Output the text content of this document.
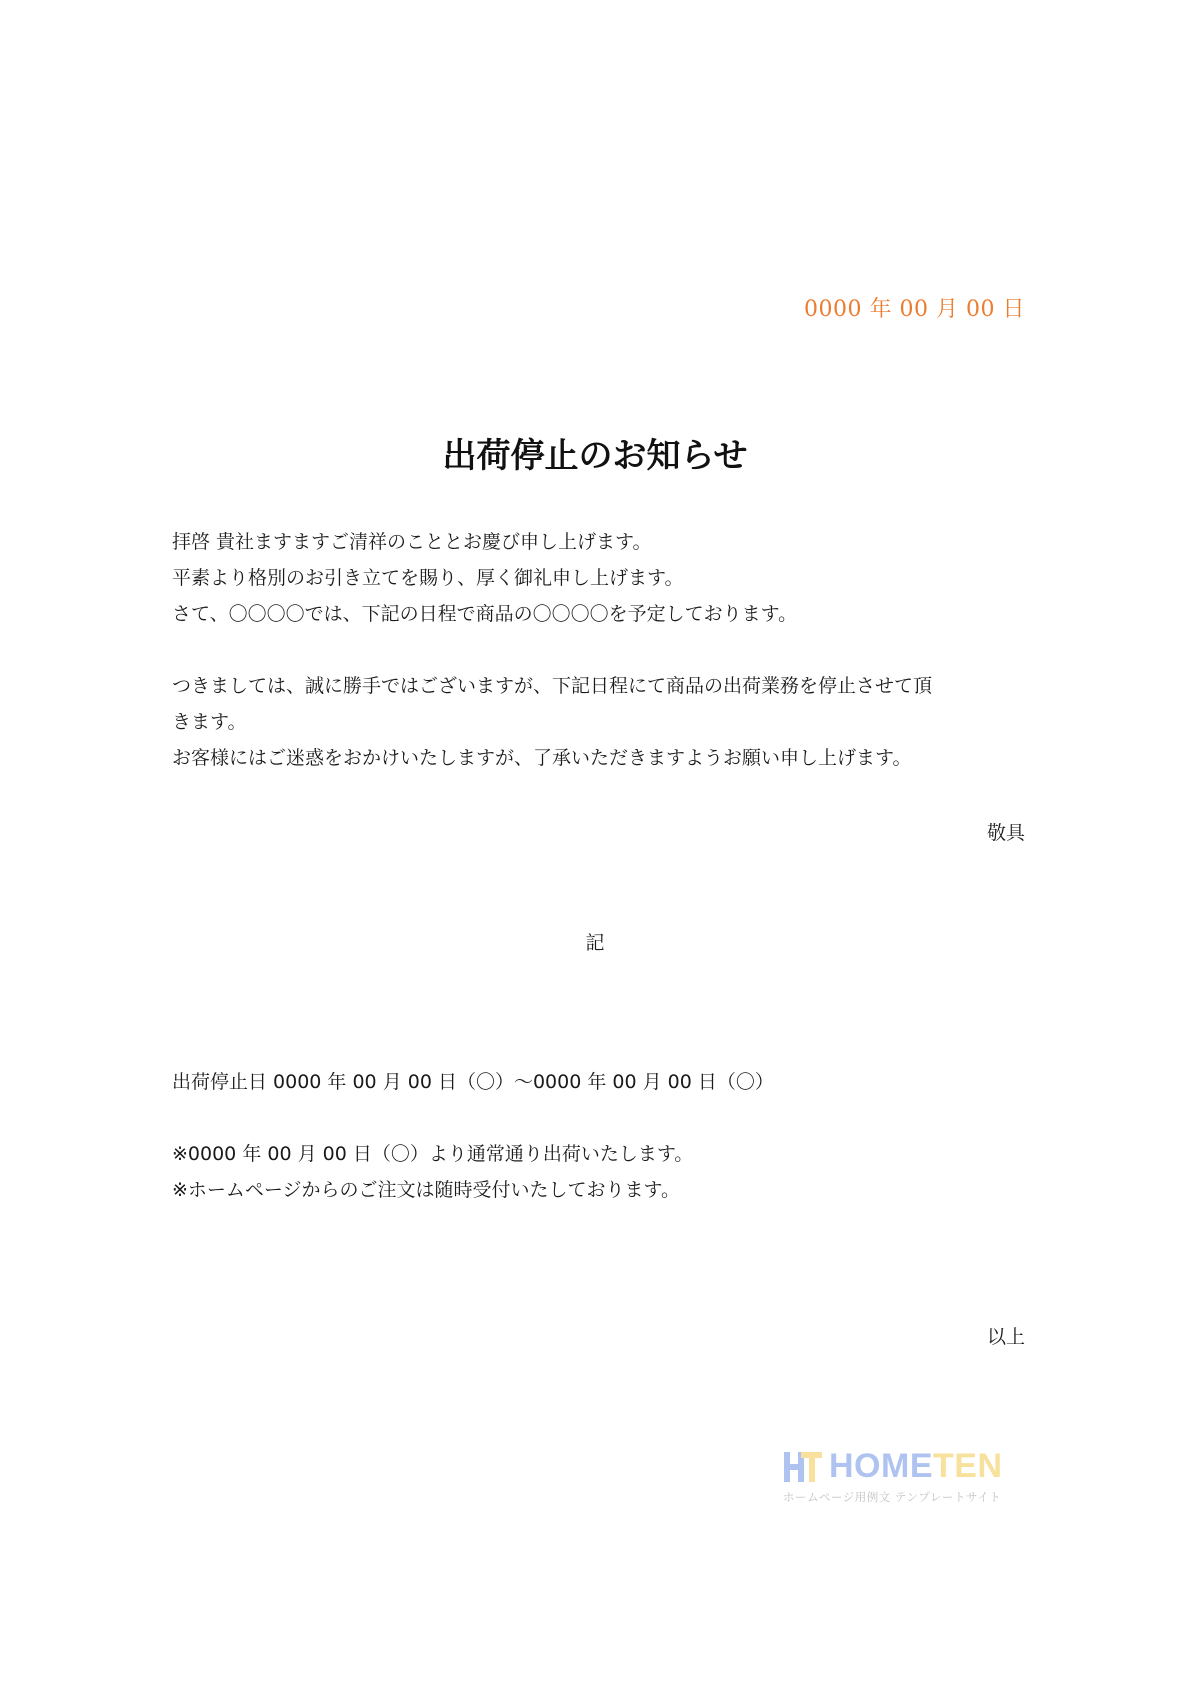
0000 年 00 月 00 日
出荷停止のお知らせ
拝啓 貴社ますますご清祥のこととお慶び申し上げます。
平素より格別のお引き立てを賜り、厚く御礼申し上げます。
さて、〇〇〇〇では、下記の日程で商品の〇〇〇〇を予定しております。
つきましては、誠に勝手ではございますが、下記日程にて商品の出荷業務を停止させて頂
きます。
お客様にはご迷惑をおかけいたしますが、了承いただきますようお願い申し上げます。
敬具
記
出荷停止日 0000 年 00 月 00 日（〇）〜0000 年 00 月 00 日（〇）
※0000 年 00 月 00 日（〇）より通常通り出荷いたします。
※ホームページからのご注文は随時受付いたしております。
以上
HOMETEN
ホームページ用例文 テンプレートサイト
